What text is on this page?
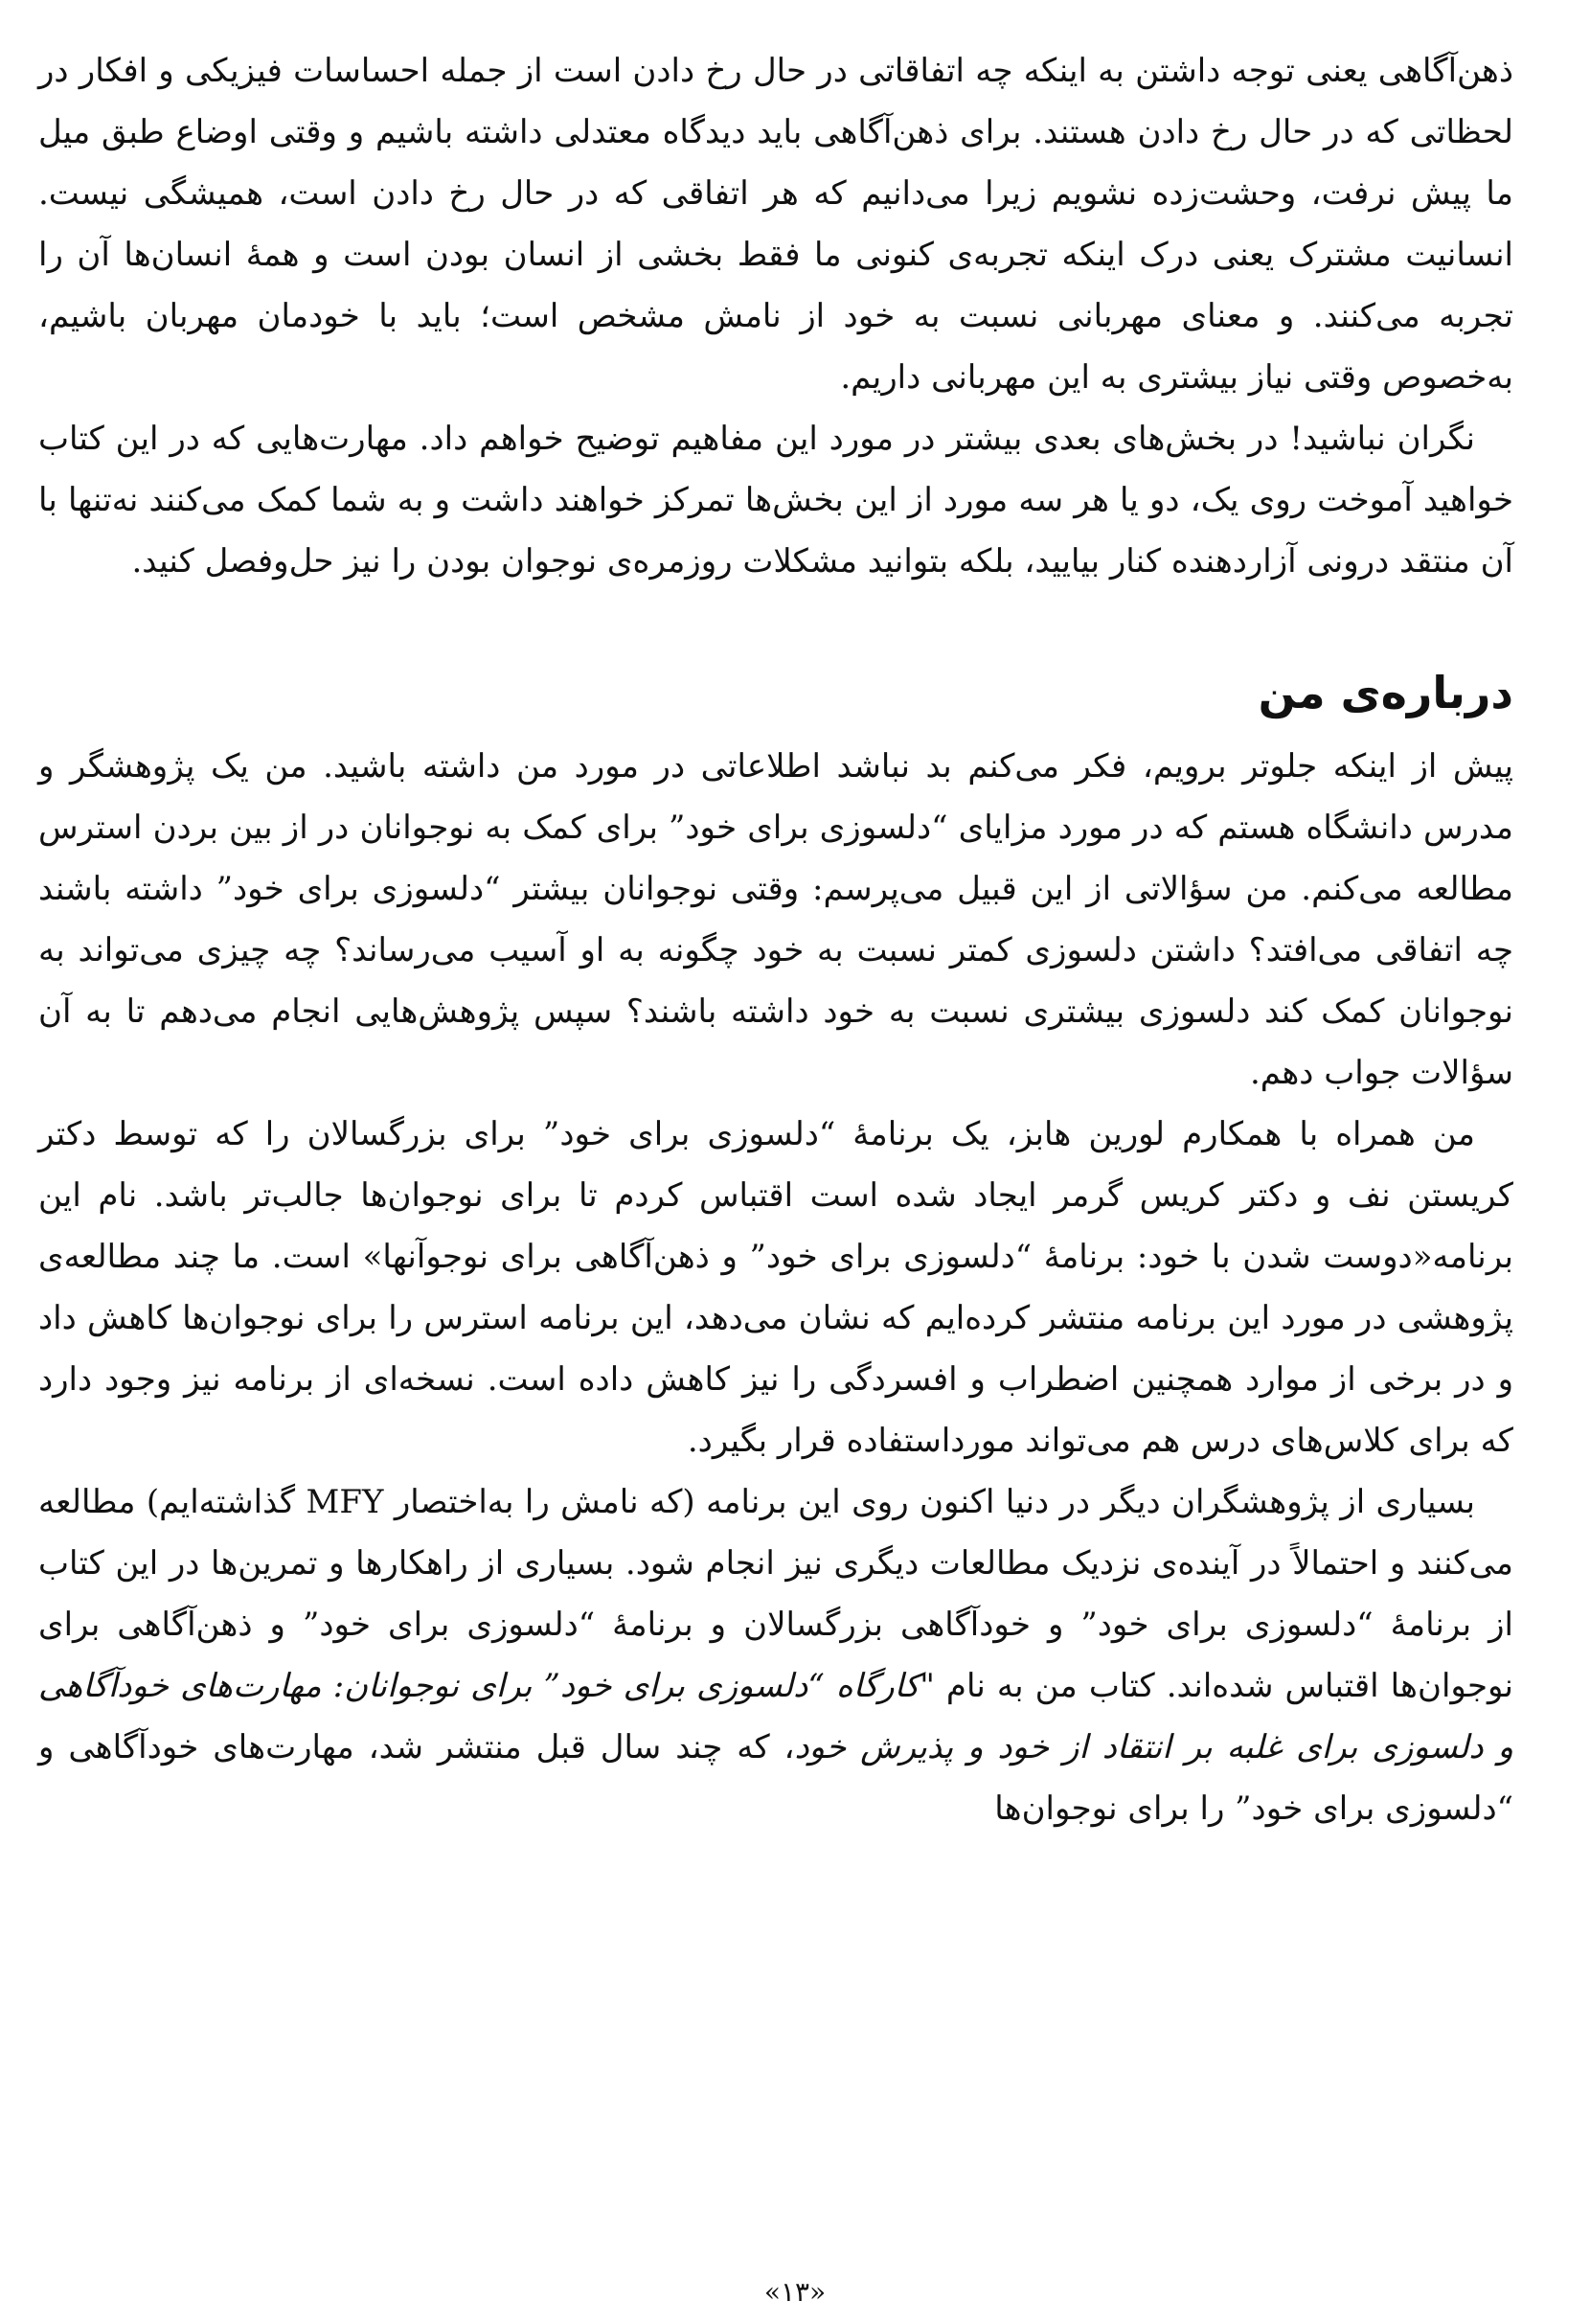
ذهن‌آگاهی یعنی توجه داشتن به اینکه چه اتفاقاتی در حال رخ دادن است از جمله احساسات فیزیکی و افکار در لحظاتی که در حال رخ دادن هستند. برای ذهن‌آگاهی باید دیدگاه معتدلی داشته باشیم و وقتی اوضاع طبق میل ما پیش نرفت، وحشت‌زده نشویم زیرا می‌دانیم که هر اتفاقی که در حال رخ دادن است، همیشگی نیست. انسانیت مشترک یعنی درک اینکه تجربه‌ی کنونی ما فقط بخشی از انسان بودن است و همهٔ انسان‌ها آن را تجربه می‌کنند. و معنای مهربانی نسبت به خود از نامش مشخص است؛ باید با خودمان مهربان باشیم، به‌خصوص وقتی نیاز بیشتری به این مهربانی داریم.

نگران نباشید! در بخش‌های بعدی بیشتر در مورد این مفاهیم توضیح خواهم داد. مهارت‌هایی که در این کتاب خواهید آموخت روی یک، دو یا هر سه مورد از این بخش‌ها تمرکز خواهند داشت و به شما کمک می‌کنند نه‌تنها با آن منتقد درونی آزاردهنده کنار بیایید، بلکه بتوانید مشکلات روزمره‌ی نوجوان بودن را نیز حل‌وفصل کنید.

درباره‌ی من

پیش از اینکه جلوتر برویم، فکر می‌کنم بد نباشد اطلاعاتی در مورد من داشته باشید. من یک پژوهشگر و مدرس دانشگاه هستم که در مورد مزایای “دلسوزی برای خود” برای کمک به نوجوانان در از بین بردن استرس مطالعه می‌کنم. من سؤالاتی از این قبیل می‌پرسم: وقتی نوجوانان بیشتر “دلسوزی برای خود” داشته باشند چه اتفاقی می‌افتد؟ داشتن دلسوزی کمتر نسبت به خود چگونه به او آسیب می‌رساند؟ چه چیزی می‌تواند به نوجوانان کمک کند دلسوزی بیشتری نسبت به خود داشته باشند؟ سپس پژوهش‌هایی انجام می‌دهم تا به آن سؤالات جواب دهم.

من همراه با همکارم لورین هابز، یک برنامهٔ “دلسوزی برای خود” برای بزرگسالان را که توسط دکتر کریستن نف و دکتر کریس گرمر ایجاد شده است اقتباس کردم تا برای نوجوان‌ها جالب‌تر باشد. نام این برنامه«دوست شدن با خود: برنامهٔ “دلسوزی برای خود” و ذهن‌آگاهی برای نوجوآنها» است. ما چند مطالعه‌ی پژوهشی در مورد این برنامه منتشر کرده‌ایم که نشان می‌دهد، این برنامه استرس را برای نوجوان‌ها کاهش داد و در برخی از موارد همچنین اضطراب و افسردگی را نیز کاهش داده است. نسخه‌ای از برنامه نیز وجود دارد که برای کلاس‌های درس هم می‌تواند مورداستفاده قرار بگیرد.

بسیاری از پژوهشگران دیگر در دنیا اکنون روی این برنامه (که نامش را به‌اختصار MFY گذاشته‌ایم) مطالعه می‌کنند و احتمالاً در آینده‌ی نزدیک مطالعات دیگری نیز انجام شود. بسیاری از راهکارها و تمرین‌ها در این کتاب از برنامهٔ “دلسوزی برای خود” و خودآگاهی بزرگسالان و برنامهٔ “دلسوزی برای خود” و ذهن‌آگاهی برای نوجوان‌ها اقتباس شده‌اند. کتاب من به نام "کارگاه “دلسوزی برای خود” برای نوجوانان: مهارت‌های خودآگاهی و دلسوزی برای غلبه بر انتقاد از خود و پذیرش خود، که چند سال قبل منتشر شد، مهارت‌های خودآگاهی و “دلسوزی برای خود” را برای نوجوان‌ها

«۱۳»
